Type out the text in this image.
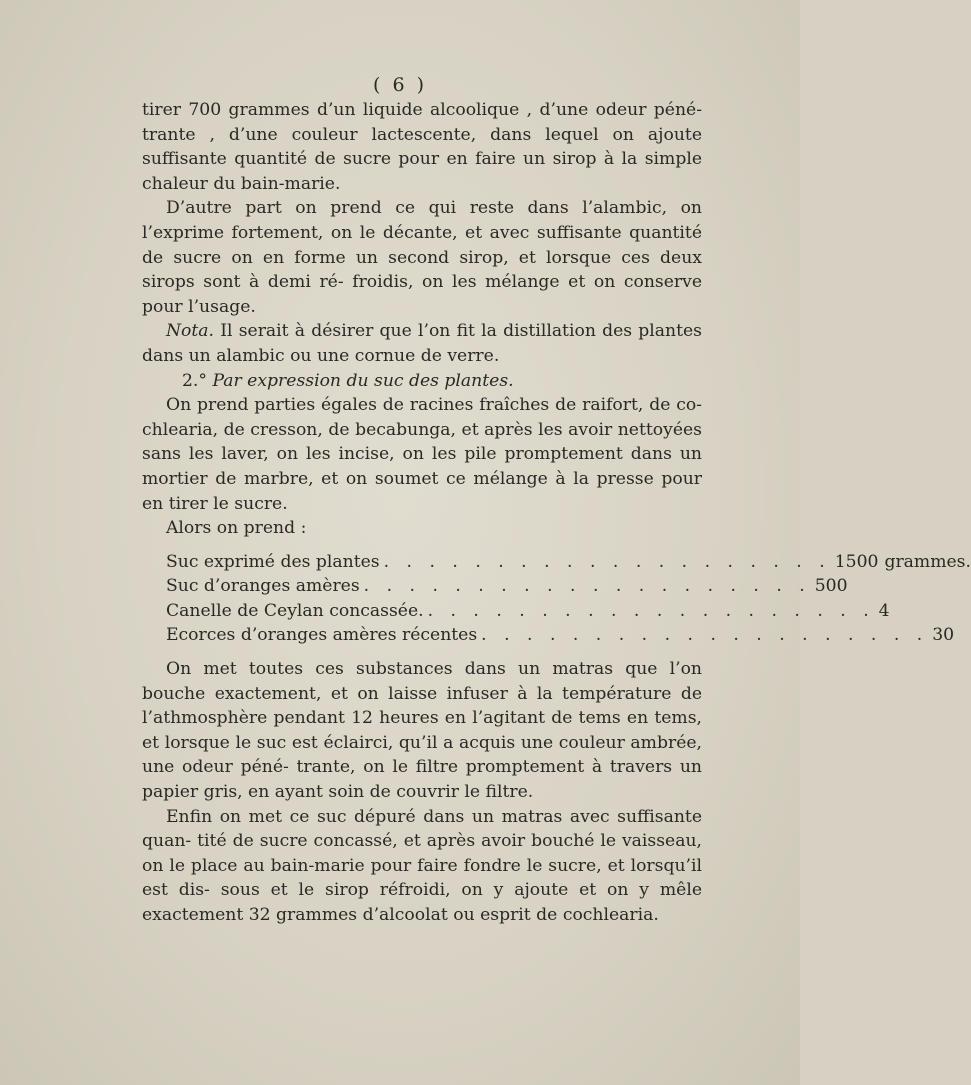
( 6 )

tirer 700 grammes d’un liquide alcoolique , d’une odeur péné- trante , d’une couleur lactescente, dans lequel on ajoute suffisante quantité de sucre pour en faire un sirop à la simple chaleur du bain-marie.

D’autre part on prend ce qui reste dans l’alambic, on l’exprime fortement, on le décante, et avec suffisante quantité de sucre on en forme un second sirop, et lorsque ces deux sirops sont à demi ré- froidis, on les mélange et on conserve pour l’usage.

Nota. Il serait à désirer que l’on fit la distillation des plantes dans un alambic ou une cornue de verre.

2.° Par expression du suc des plantes.

On prend parties égales de racines fraîches de raifort, de co- chlearia, de cresson, de becabunga, et après les avoir nettoyées sans les laver, on les incise, on les pile promptement dans un mortier de marbre, et on soumet ce mélange à la presse pour en tirer le sucre.

Alors on prend :

Suc exprimé des plantes . . . . . . . . . . . . . . . . . . . . 1500 grammes.
Suc d’oranges amères . . . . . . . . . . . . . . . . . . . . 500
Canelle de Ceylan concassée. . . . . . . . . . . . . . . . . . . . . 4
Ecorces d’oranges amères récentes . . . . . . . . . . . . . . . . . . . . 30

On met toutes ces substances dans un matras que l’on bouche exactement, et on laisse infuser à la température de l’athmosphère pendant 12 heures en l’agitant de tems en tems, et lorsque le suc est éclairci, qu’il a acquis une couleur ambrée, une odeur péné- trante, on le filtre promptement à travers un papier gris, en ayant soin de couvrir le filtre.

Enfin on met ce suc dépuré dans un matras avec suffisante quan- tité de sucre concassé, et après avoir bouché le vaisseau, on le place au bain-marie pour faire fondre le sucre, et lorsqu’il est dis- sous et le sirop réfroidi, on y ajoute et on y mêle exactement 32 grammes d’alcoolat ou esprit de cochlearia.
